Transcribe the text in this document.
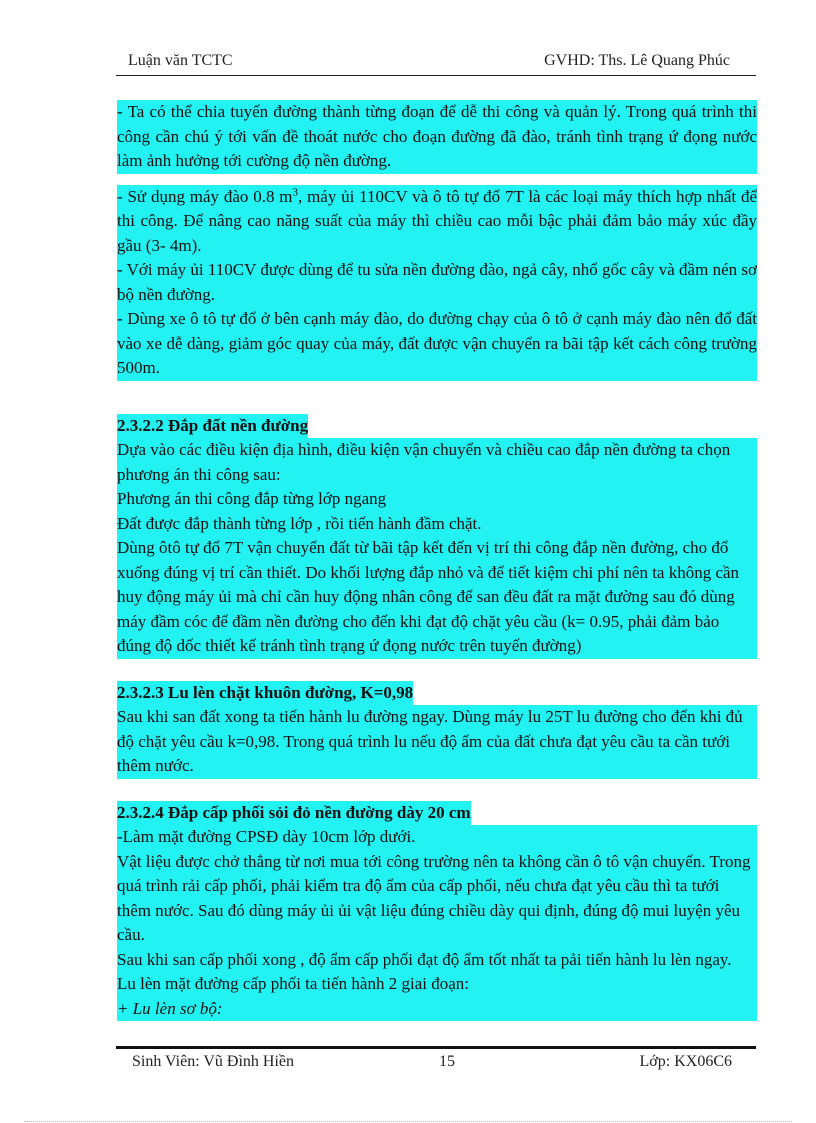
Luận văn TCTC	GVHD: Ths. Lê Quang Phúc
- Ta có thể chia tuyến đường thành từng đoạn để dễ thi công và quản lý. Trong quá trình thi công cần chú ý tới vấn đề thoát nước cho đoạn đường đã đào, tránh tình trạng ứ đọng nước làm ảnh hưởng tới cường độ nền đường.
- Sử dụng máy đào 0.8 $m^3$, máy ủi 110CV và ô tô tự đổ 7T là các loại máy thích hợp nhất để thi công. Để nâng cao năng suất của máy thì chiều cao mỗi bậc phải đảm bảo máy xúc đầy gầu (3- 4m).
- Với máy ủi 110CV được dùng để tu sửa nền đường đào, ngả cây, nhổ gốc cây và đầm nén sơ bộ nền đường.
- Dùng xe ô tô tự đổ ở bên cạnh máy đào, do đường chạy của ô tô ở cạnh máy đào nên đổ đất vào xe dễ dàng, giảm góc quay của máy, đất được vận chuyển ra bãi tập kết cách công trường 500m.
2.3.2.2 Đắp đất nền đường
Dựa vào các điều kiện địa hình, điều kiện vận chuyển và chiều cao đắp nền đường ta chọn phương án thi công sau:
Phương án thi công đắp từng lớp ngang
Đất được đắp thành từng lớp , rồi tiến hành đầm chặt.
Dùng ôtô tự đổ 7T vận chuyển đất từ bãi tập kết đến vị trí thi công đắp nền đường, cho đổ xuống đúng vị trí cần thiết. Do khối lượng đắp nhỏ và để tiết kiệm chi phí nên ta không cần huy động máy ủi mà chỉ cần huy động nhân công để san đều đất ra mặt đường sau đó dùng máy đầm cóc để đầm nền đường cho đến khi đạt độ chặt yêu cầu (k= 0.95, phải đảm bảo đúng độ dốc thiết kế tránh tình trạng ứ đọng nước trên tuyến đường)
2.3.2.3 Lu lèn chặt khuôn đường, K=0,98
Sau khi san đất xong ta tiến hành lu đường ngay. Dùng máy lu 25T lu đường cho đến khi đủ độ chặt yêu cầu k=0,98. Trong quá trình lu nếu độ ẩm của đất chưa đạt yêu cầu ta cần tưới thêm nước.
2.3.2.4 Đắp cấp phối sỏi đỏ nền đường dày 20 cm
-Làm mặt đường CPSĐ dày 10cm lớp dưới.
Vật liệu được chở thẳng từ nơi mua tới công trường nên ta không cần ô tô vận chuyển. Trong quá trình rải cấp phối, phải kiểm tra độ ẩm của cấp phối, nếu chưa đạt yêu cầu thì ta tưới thêm nước. Sau đó dùng máy ủi ủi vật liệu đúng chiều dày qui định, đúng độ mui luyện yêu cầu.
Sau khi san cấp phối xong , độ ẩm cấp phối đạt độ ẩm tốt nhất ta pải tiến hành lu lèn ngay.
Lu lèn mặt đường cấp phối ta tiến hành 2 giai đoạn:
+ Lu lèn sơ bộ:
Sinh Viên: Vũ Đình Hiền	15	Lớp: KX06C6
